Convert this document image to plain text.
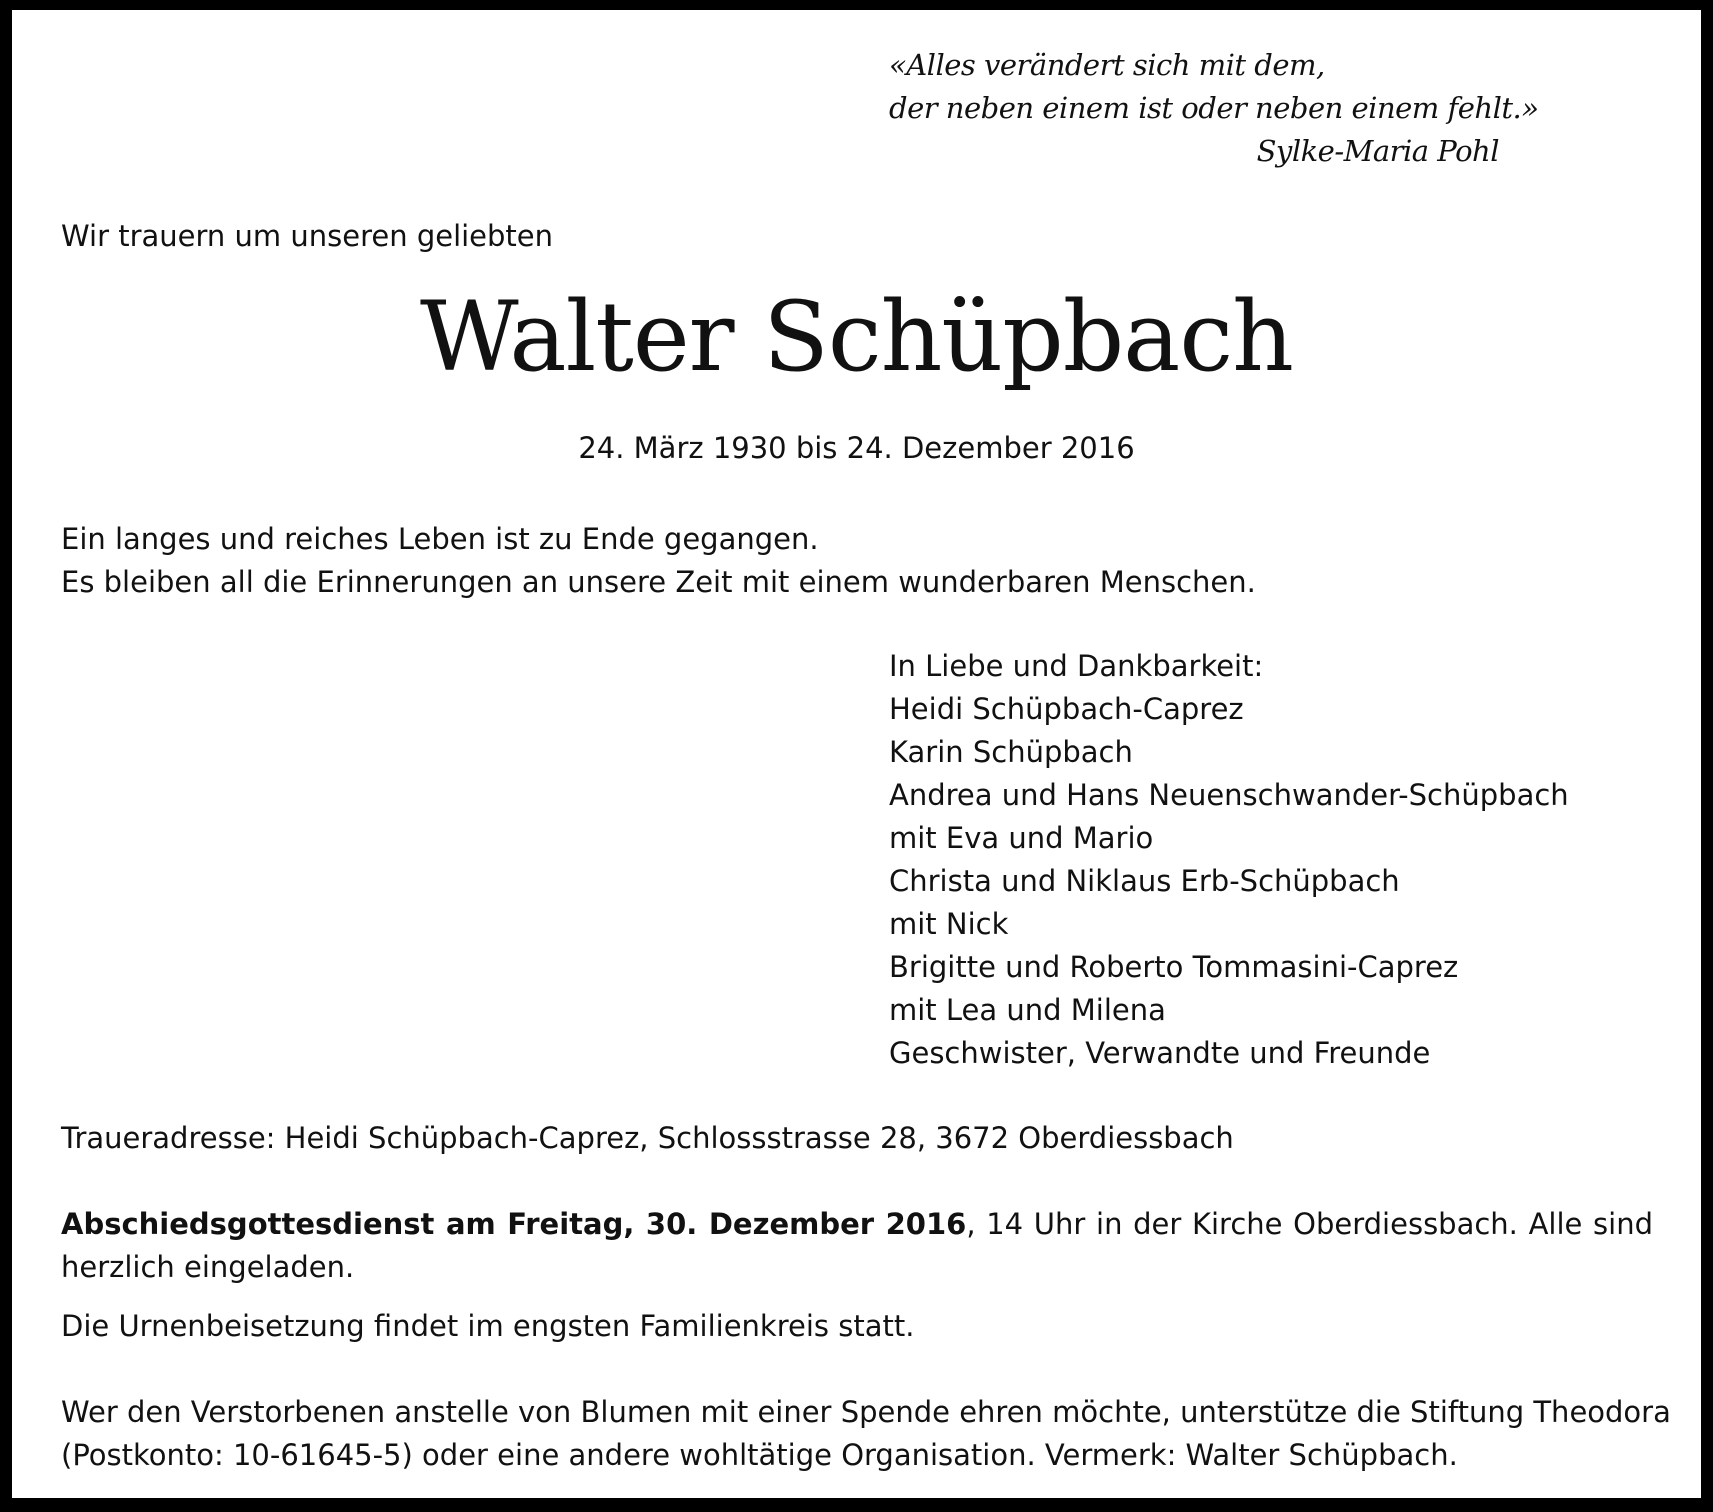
«Alles verändert sich mit dem,
der neben einem ist oder neben einem fehlt.»
Sylke-Maria Pohl
Wir trauern um unseren geliebten
Walter Schüpbach
24. März 1930 bis 24. Dezember 2016
Ein langes und reiches Leben ist zu Ende gegangen.
Es bleiben all die Erinnerungen an unsere Zeit mit einem wunderbaren Menschen.
In Liebe und Dankbarkeit:
Heidi Schüpbach-Caprez
Karin Schüpbach
Andrea und Hans Neuenschwander-Schüpbach
mit Eva und Mario
Christa und Niklaus Erb-Schüpbach
mit Nick
Brigitte und Roberto Tommasini-Caprez
mit Lea und Milena
Geschwister, Verwandte und Freunde
Traueradresse: Heidi Schüpbach-Caprez, Schlossstrasse 28, 3672 Oberdiessbach
Abschiedsgottesdienst am Freitag, 30. Dezember 2016, 14 Uhr in der Kirche Oberdiessbach. Alle sind herzlich eingeladen.
Die Urnenbeisetzung findet im engsten Familienkreis statt.
Wer den Verstorbenen anstelle von Blumen mit einer Spende ehren möchte, unterstütze die Stiftung Theodora
(Postkonto: 10-61645-5) oder eine andere wohltätige Organisation. Vermerk: Walter Schüpbach.
